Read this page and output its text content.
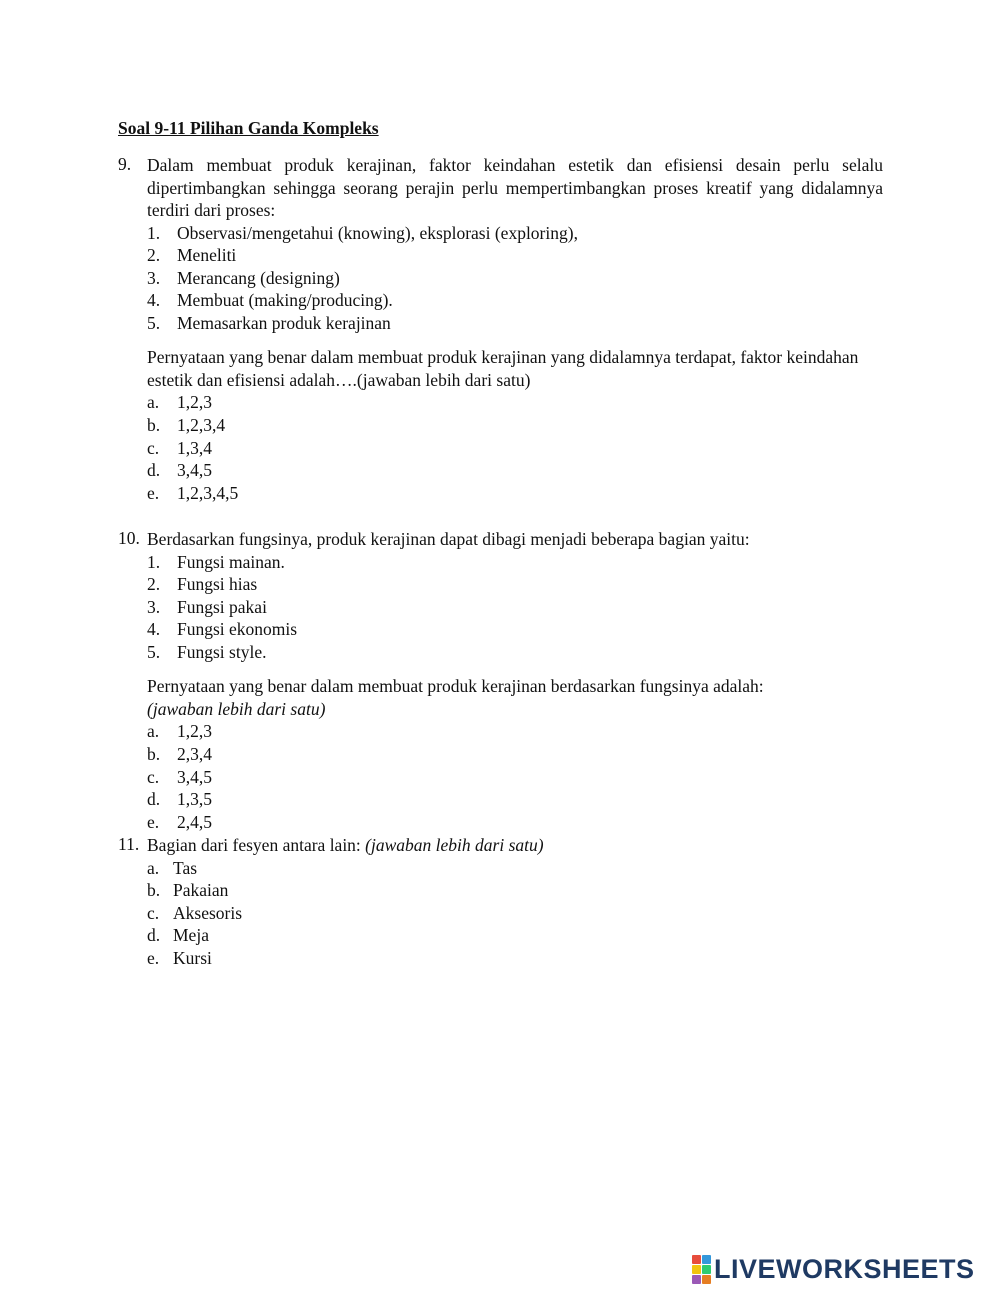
Soal 9-11 Pilihan Ganda Kompleks
9. Dalam membuat produk kerajinan, faktor keindahan estetik dan efisiensi desain perlu selalu dipertimbangkan sehingga seorang perajin perlu mempertimbangkan proses kreatif yang didalamnya terdiri dari proses:
1. Observasi/mengetahui (knowing), eksplorasi (exploring),
2. Meneliti
3. Merancang (designing)
4. Membuat (making/producing).
5. Memasarkan produk kerajinan
Pernyataan yang benar dalam membuat produk kerajinan yang didalamnya terdapat, faktor keindahan estetik dan efisiensi adalah….(jawaban lebih dari satu)
a. 1,2,3
b. 1,2,3,4
c. 1,3,4
d. 3,4,5
e. 1,2,3,4,5
10. Berdasarkan fungsinya, produk kerajinan dapat dibagi menjadi beberapa bagian yaitu:
1. Fungsi mainan.
2. Fungsi hias
3. Fungsi pakai
4. Fungsi ekonomis
5. Fungsi style.
Pernyataan yang benar dalam membuat produk kerajinan berdasarkan fungsinya adalah:
(jawaban lebih dari satu)
a. 1,2,3
b. 2,3,4
c. 3,4,5
d. 1,3,5
e. 2,4,5
11. Bagian dari fesyen antara lain: (jawaban lebih dari satu)
a. Tas
b. Pakaian
c. Aksesoris
d. Meja
e. Kursi
LIVEWORKSHEETS
